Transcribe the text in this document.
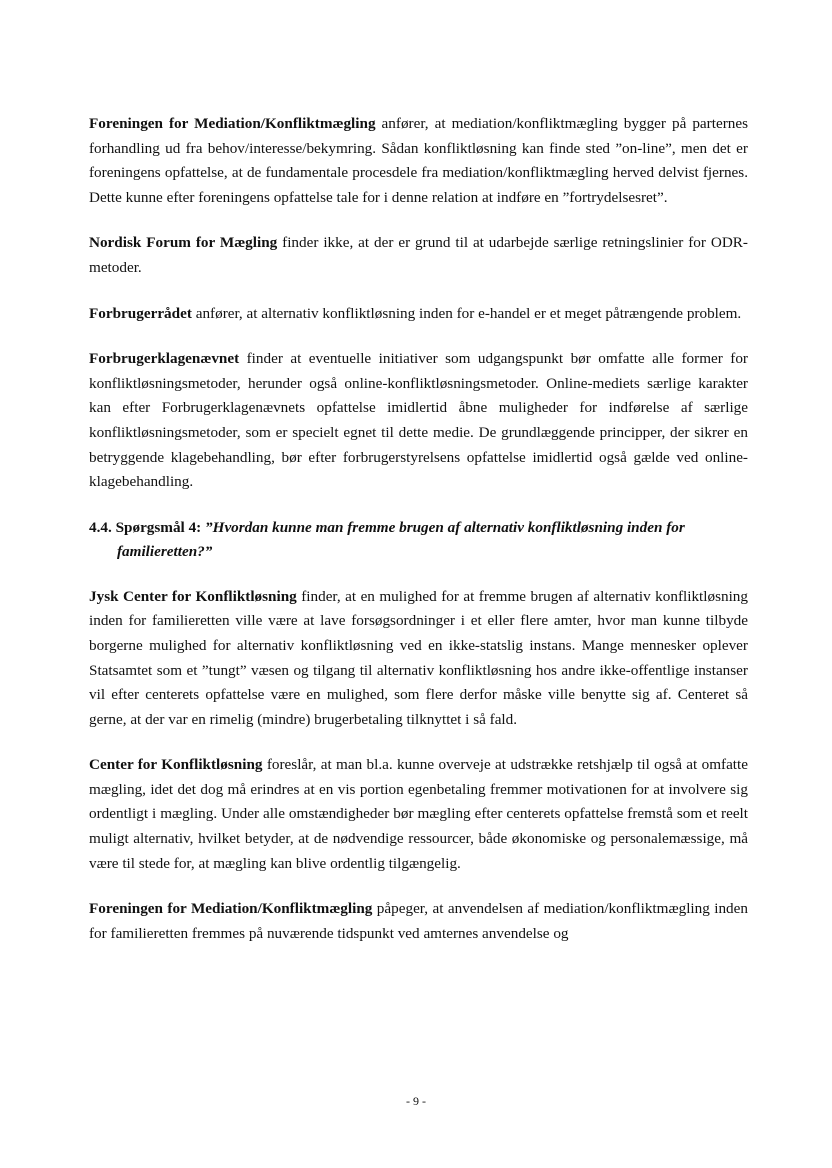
Foreningen for Mediation/Konfliktmægling anfører, at mediation/konfliktmægling bygger på parternes forhandling ud fra behov/interesse/bekymring. Sådan konfliktløsning kan finde sted ”on-line”, men det er foreningens opfattelse, at de fundamentale procesdele fra mediation/konfliktmægling herved delvist fjernes. Dette kunne efter foreningens opfattelse tale for i denne relation at indføre en ”fortrydelsesret”.

Nordisk Forum for Mægling finder ikke, at der er grund til at udarbejde særlige retningslinier for ODR-metoder.

Forbrugerrådet anfører, at alternativ konfliktløsning inden for e-handel er et meget påtrængende problem.

Forbrugerklagenævnet finder at eventuelle initiativer som udgangspunkt bør omfatte alle former for konfliktløsningsmetoder, herunder også online-konfliktløsningsmetoder. Online-mediets særlige karakter kan efter Forbrugerklagenævnets opfattelse imidlertid åbne muligheder for indførelse af særlige konfliktløsningsmetoder, som er specielt egnet til dette medie. De grundlæggende principper, der sikrer en betryggende klagebehandling, bør efter forbrugerstyrelsens opfattelse imidlertid også gælde ved online-klagebehandling.

4.4. Spørgsmål 4: ”Hvordan kunne man fremme brugen af alternativ konfliktløsning inden for familieretten?”

Jysk Center for Konfliktløsning finder, at en mulighed for at fremme brugen af alternativ konfliktløsning inden for familieretten ville være at lave forsøgsordninger i et eller flere amter, hvor man kunne tilbyde borgerne mulighed for alternativ konfliktløsning ved en ikke-statslig instans. Mange mennesker oplever Statsamtet som et ”tungt” væsen og tilgang til alternativ konfliktløsning hos andre ikke-offentlige instanser vil efter centerets opfattelse være en mulighed, som flere derfor måske ville benytte sig af. Centeret så gerne, at der var en rimelig (mindre) brugerbetaling tilknyttet i så fald.

Center for Konfliktløsning foreslår, at man bl.a. kunne overveje at udstrække retshjælp til også at omfatte mægling, idet det dog må erindres at en vis portion egenbetaling fremmer motivationen for at involvere sig ordentligt i mægling. Under alle omstændigheder bør mægling efter centerets opfattelse fremstå som et reelt muligt alternativ, hvilket betyder, at de nødvendige ressourcer, både økonomiske og personalemæssige, må være til stede for, at mægling kan blive ordentlig tilgængelig.

Foreningen for Mediation/Konfliktmægling påpeger, at anvendelsen af mediation/konfliktmægling inden for familieretten fremmes på nuværende tidspunkt ved amternes anvendelse og

- 9 -
